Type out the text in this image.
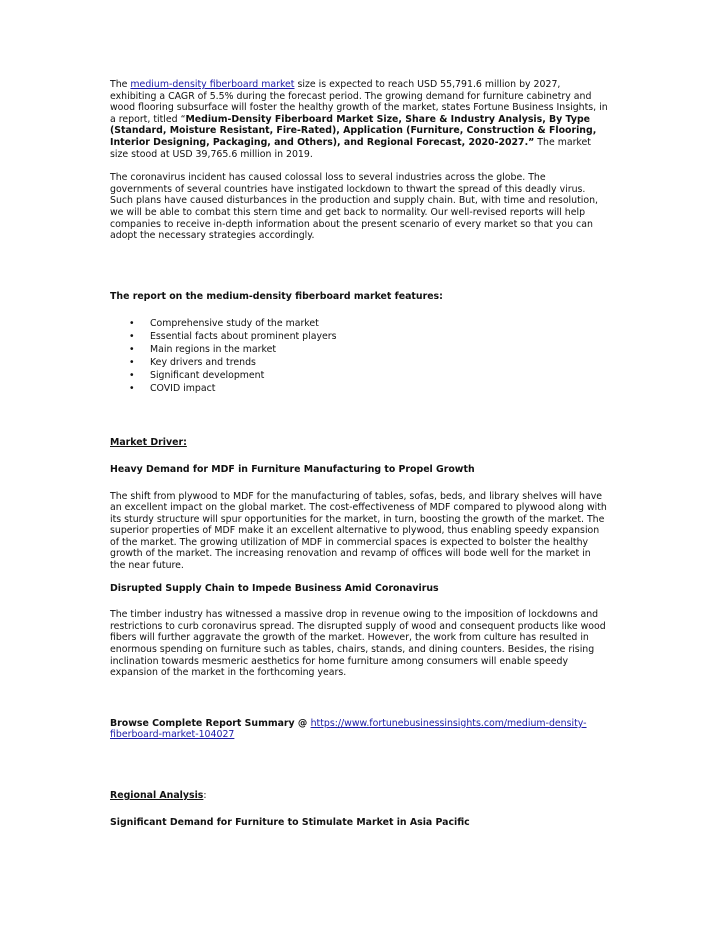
The medium-density fiberboard market size is expected to reach USD 55,791.6 million by 2027, exhibiting a CAGR of 5.5% during the forecast period. The growing demand for furniture cabinetry and wood flooring subsurface will foster the healthy growth of the market, states Fortune Business Insights, in a report, titled “Medium-Density Fiberboard Market Size, Share & Industry Analysis, By Type (Standard, Moisture Resistant, Fire-Rated), Application (Furniture, Construction & Flooring, Interior Designing, Packaging, and Others), and Regional Forecast, 2020-2027.” The market size stood at USD 39,765.6 million in 2019.

The coronavirus incident has caused colossal loss to several industries across the globe. The governments of several countries have instigated lockdown to thwart the spread of this deadly virus. Such plans have caused disturbances in the production and supply chain. But, with time and resolution, we will be able to combat this stern time and get back to normality. Our well-revised reports will help companies to receive in-depth information about the present scenario of every market so that you can adopt the necessary strategies accordingly.

The report on the medium-density fiberboard market features:

• Comprehensive study of the market
• Essential facts about prominent players
• Main regions in the market
• Key drivers and trends
• Significant development
• COVID impact

Market Driver:

Heavy Demand for MDF in Furniture Manufacturing to Propel Growth

The shift from plywood to MDF for the manufacturing of tables, sofas, beds, and library shelves will have an excellent impact on the global market. The cost-effectiveness of MDF compared to plywood along with its sturdy structure will spur opportunities for the market, in turn, boosting the growth of the market. The superior properties of MDF make it an excellent alternative to plywood, thus enabling speedy expansion of the market. The growing utilization of MDF in commercial spaces is expected to bolster the healthy growth of the market. The increasing renovation and revamp of offices will bode well for the market in the near future.

Disrupted Supply Chain to Impede Business Amid Coronavirus

The timber industry has witnessed a massive drop in revenue owing to the imposition of lockdowns and restrictions to curb coronavirus spread. The disrupted supply of wood and consequent products like wood fibers will further aggravate the growth of the market. However, the work from culture has resulted in enormous spending on furniture such as tables, chairs, stands, and dining counters. Besides, the rising inclination towards mesmeric aesthetics for home furniture among consumers will enable speedy expansion of the market in the forthcoming years.

Browse Complete Report Summary @ https://www.fortunebusinessinsights.com/medium-density-fiberboard-market-104027

Regional Analysis:

Significant Demand for Furniture to Stimulate Market in Asia Pacific
